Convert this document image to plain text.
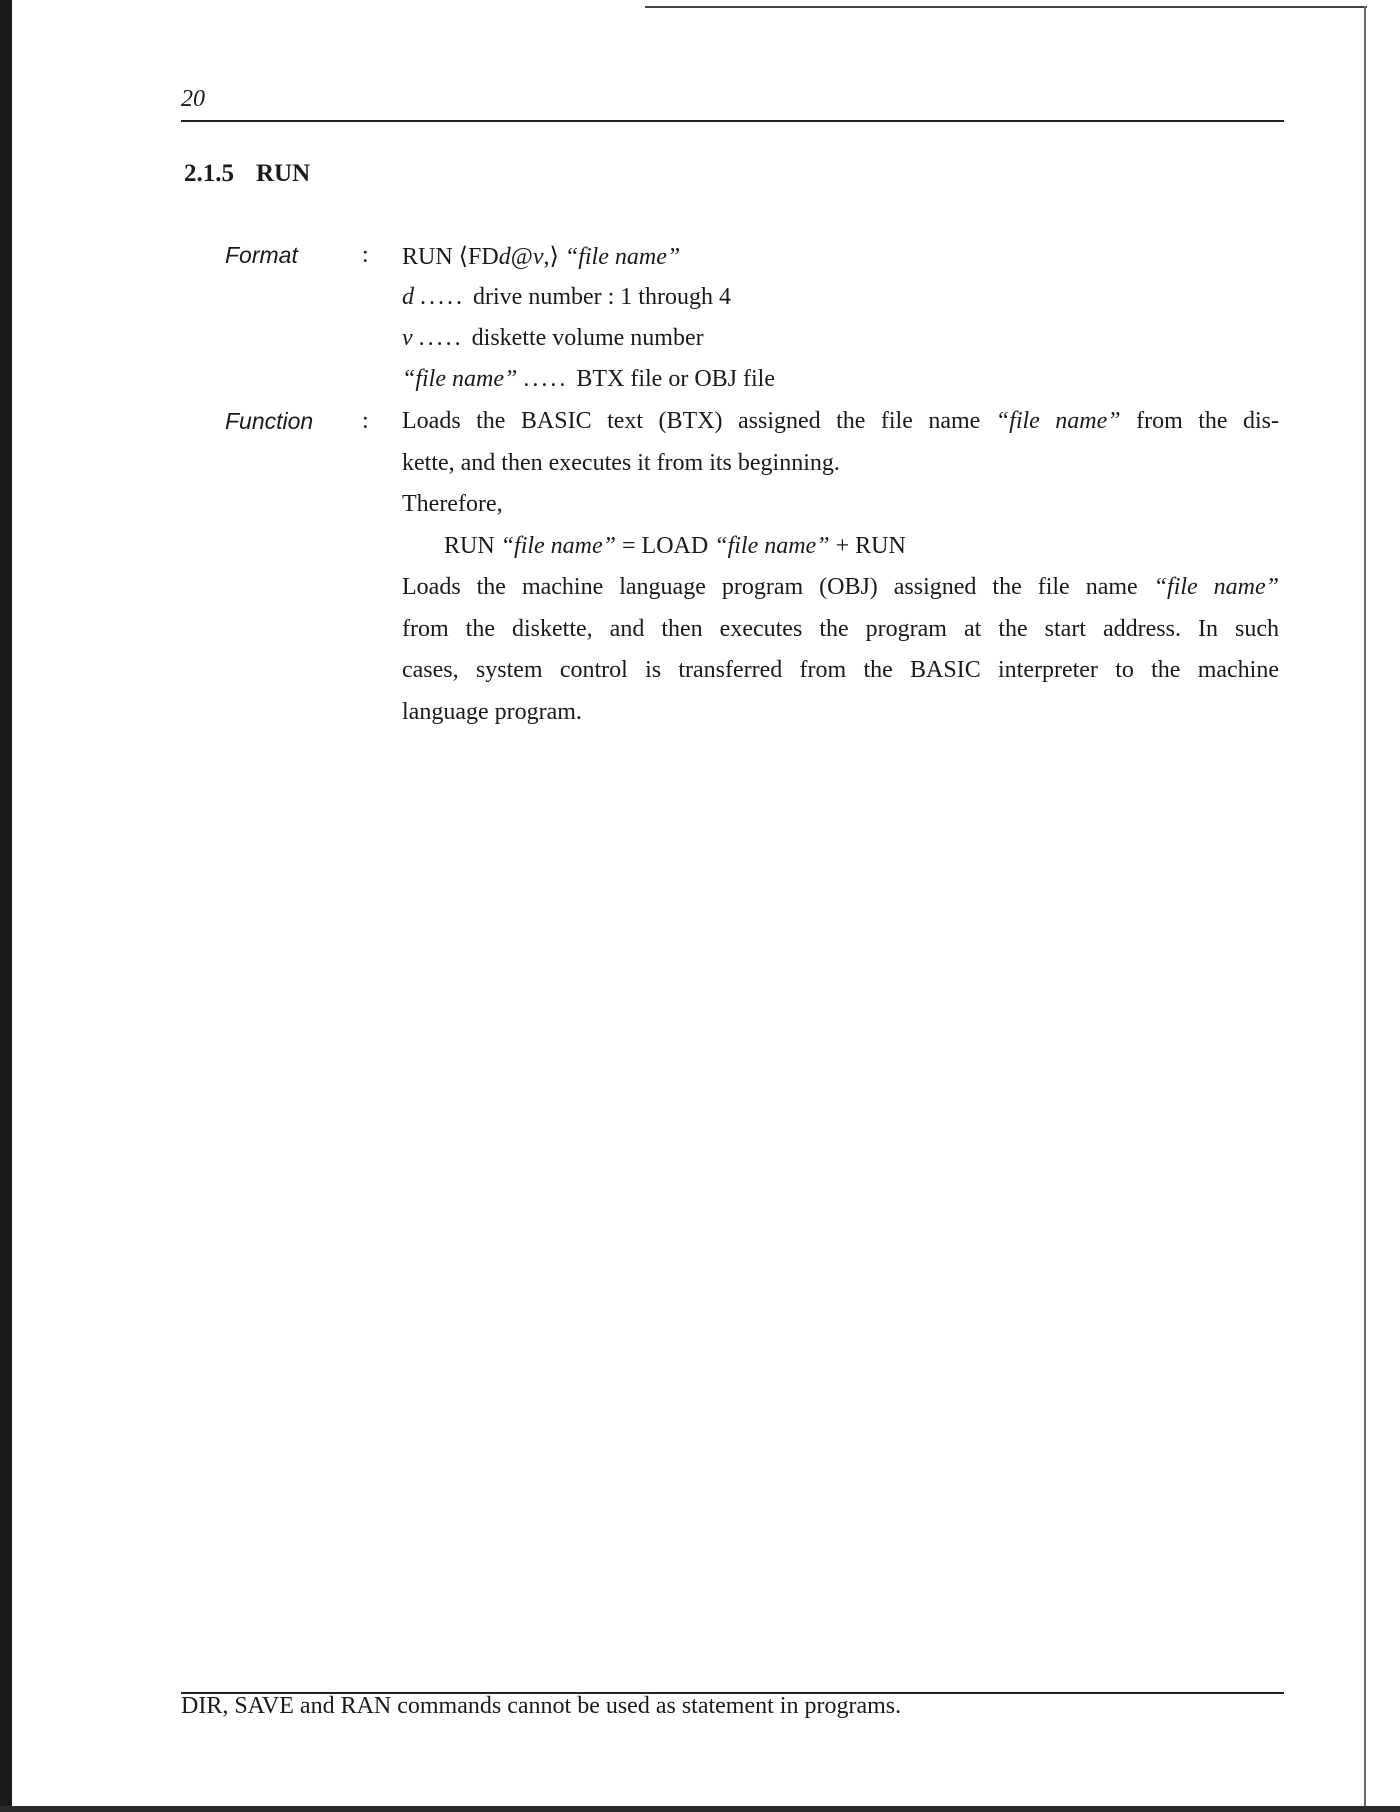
20

2.1.5 RUN

Format	: RUN ⟨FDd@v,⟩ “file name”

d ..... drive number : 1 through 4

v ..... diskette volume number

“file name” ..... BTX file or OBJ file

Function : Loads the BASIC text (BTX) assigned the file name “file name” from the dis-

kette, and then executes it from its beginning.

Therefore,

RUN “file name” = LOAD “file name” + RUN

Loads the machine language program (OBJ) assigned the file name “file name”

from the diskette, and then executes the program at the start address. In such

cases, system control is transferred from the BASIC interpreter to the machine

language program.

DIR, SAVE and RAN commands cannot be used as statement in programs.
